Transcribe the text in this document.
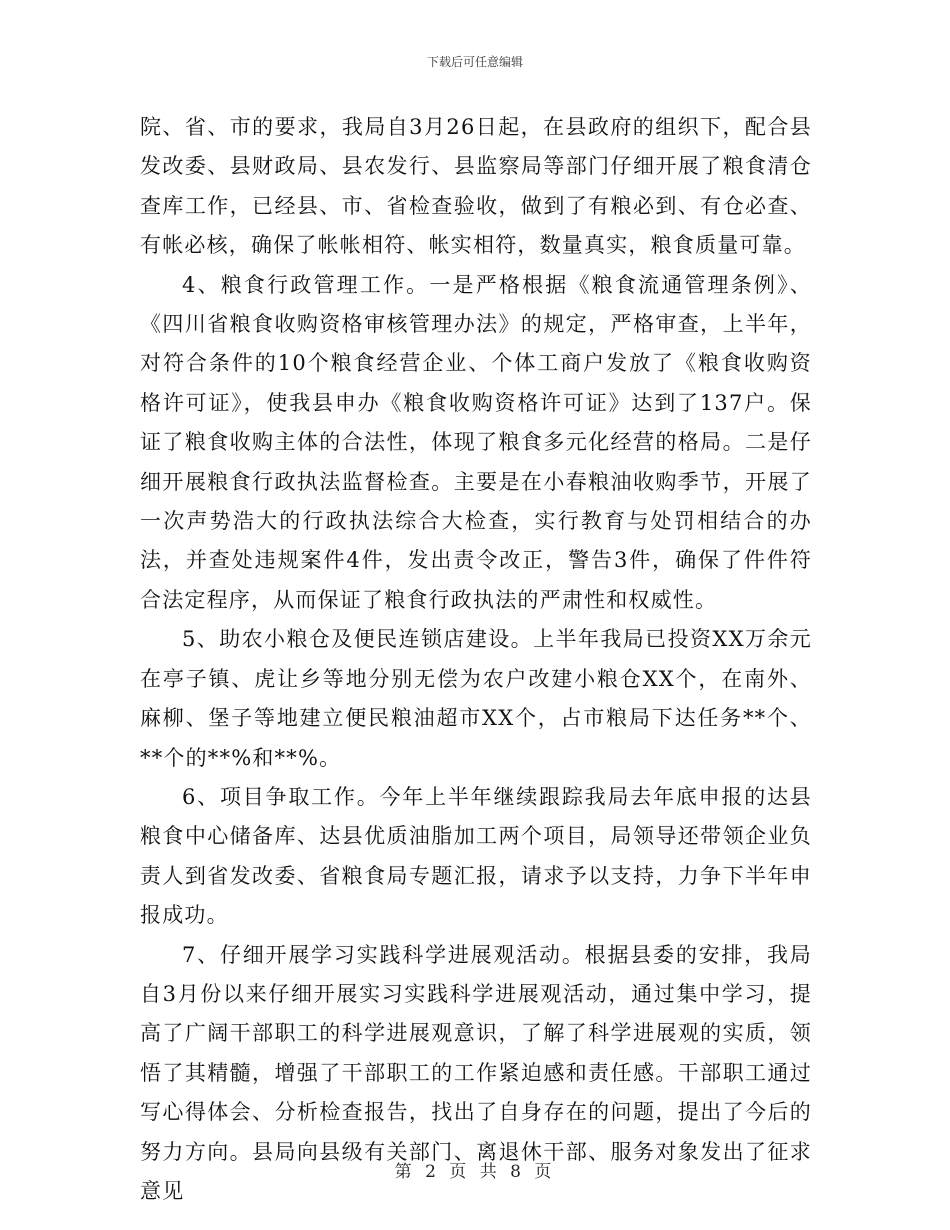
下载后可任意编辑

院、省、市的要求，我局自3月26日起，在县政府的组织下，配合县发改委、县财政局、县农发行、县监察局等部门仔细开展了粮食清仓查库工作，已经县、市、省检查验收，做到了有粮必到、有仓必查、有帐必核，确保了帐帐相符、帐实相符，数量真实，粮食质量可靠。

4、粮食行政管理工作。一是严格根据《粮食流通管理条例》、《四川省粮食收购资格审核管理办法》的规定，严格审查，上半年，对符合条件的10个粮食经营企业、个体工商户发放了《粮食收购资格许可证》，使我县申办《粮食收购资格许可证》达到了137户。保证了粮食收购主体的合法性，体现了粮食多元化经营的格局。二是仔细开展粮食行政执法监督检查。主要是在小春粮油收购季节，开展了一次声势浩大的行政执法综合大检查，实行教育与处罚相结合的办法，并查处违规案件4件，发出责令改正，警告3件，确保了件件符合法定程序，从而保证了粮食行政执法的严肃性和权威性。

5、助农小粮仓及便民连锁店建设。上半年我局已投资XX万余元在亭子镇、虎让乡等地分别无偿为农户改建小粮仓XX个，在南外、麻柳、堡子等地建立便民粮油超市XX个，占市粮局下达任务**个、**个的**%和**%。

6、项目争取工作。今年上半年继续跟踪我局去年底申报的达县粮食中心储备库、达县优质油脂加工两个项目，局领导还带领企业负责人到省发改委、省粮食局专题汇报，请求予以支持，力争下半年申报成功。

7、仔细开展学习实践科学进展观活动。根据县委的安排，我局自3月份以来仔细开展实习实践科学进展观活动，通过集中学习，提高了广阔干部职工的科学进展观意识，了解了科学进展观的实质，领悟了其精髓，增强了干部职工的工作紧迫感和责任感。干部职工通过写心得体会、分析检查报告，找出了自身存在的问题，提出了今后的努力方向。县局向县级有关部门、离退休干部、服务对象发出了征求意见

第 2 页 共 8 页
